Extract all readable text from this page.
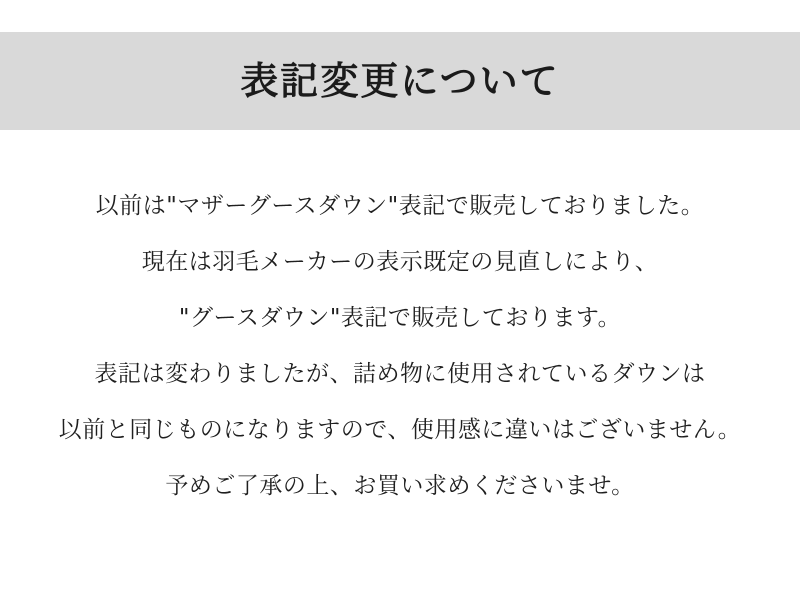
表記変更について
以前は"マザーグースダウン"表記で販売しておりました。
現在は羽毛メーカーの表示既定の見直しにより、
"グースダウン"表記で販売しております。
表記は変わりましたが、詰め物に使用されているダウンは
以前と同じものになりますので、使用感に違いはございません。
予めご了承の上、お買い求めくださいませ。
